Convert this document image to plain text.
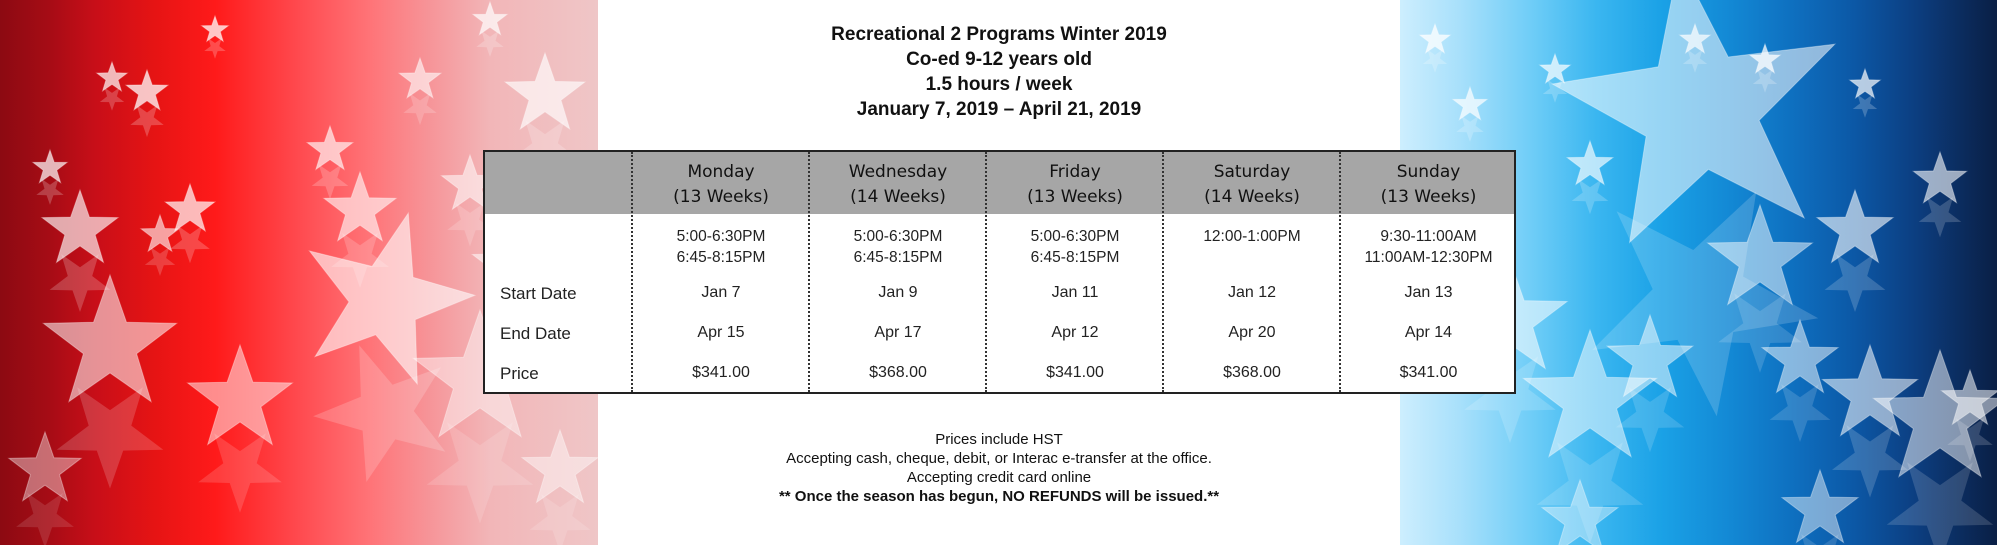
Recreational 2 Programs Winter 2019
Co-ed 9-12 years old
1.5 hours / week
January 7, 2019 – April 21, 2019
Start Date
End Date
Price
Monday
(13 Weeks)
5:00-6:30PM
6:45-8:15PM
Jan 7
Apr 15
$341.00
Wednesday
(14 Weeks)
5:00-6:30PM
6:45-8:15PM
Jan 9
Apr 17
$368.00
Friday
(13 Weeks)
5:00-6:30PM
6:45-8:15PM
Jan 11
Apr 12
$341.00
Saturday
(14 Weeks)
12:00-1:00PM
Jan 12
Apr 20
$368.00
Sunday
(13 Weeks)
9:30-11:00AM
11:00AM-12:30PM
Jan 13
Apr 14
$341.00
Prices include HST
Accepting cash, cheque, debit, or Interac e-transfer at the office.
Accepting credit card online
** Once the season has begun, NO REFUNDS will be issued.**
